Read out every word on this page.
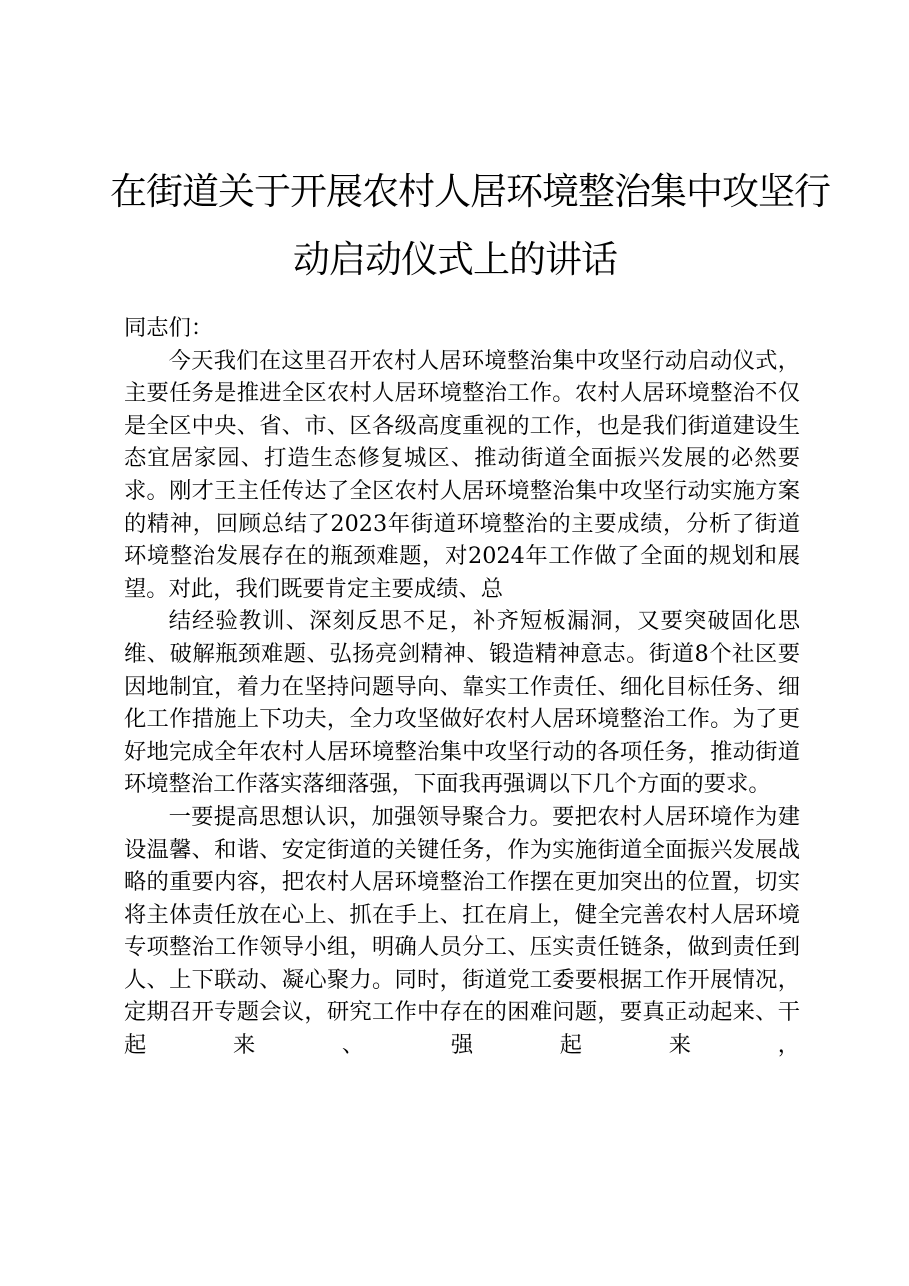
在街道关于开展农村人居环境整治集中攻坚行
动启动仪式上的讲话

同志们：

今天我们在这里召开农村人居环境整治集中攻坚行动启动仪式，主要任务是推进全区农村人居环境整治工作。农村人居环境整治不仅是全区中央、省、市、区各级高度重视的工作，也是我们街道建设生态宜居家园、打造生态修复城区、推动街道全面振兴发展的必然要求。刚才王主任传达了全区农村人居环境整治集中攻坚行动实施方案的精神，回顾总结了2023年街道环境整治的主要成绩，分析了街道环境整治发展存在的瓶颈难题，对2024年工作做了全面的规划和展望。对此，我们既要肯定主要成绩、总

结经验教训、深刻反思不足，补齐短板漏洞，又要突破固化思维、破解瓶颈难题、弘扬亮剑精神、锻造精神意志。街道8个社区要因地制宜，着力在坚持问题导向、靠实工作责任、细化目标任务、细化工作措施上下功夫，全力攻坚做好农村人居环境整治工作。为了更好地完成全年农村人居环境整治集中攻坚行动的各项任务，推动街道环境整治工作落实落细落强，下面我再强调以下几个方面的要求。

一要提高思想认识，加强领导聚合力。要把农村人居环境作为建设温馨、和谐、安定街道的关键任务，作为实施街道全面振兴发展战略的重要内容，把农村人居环境整治工作摆在更加突出的位置，切实将主体责任放在心上、抓在手上、扛在肩上，健全完善农村人居环境专项整治工作领导小组，明确人员分工、压实责任链条，做到责任到人、上下联动、凝心聚力。同时，街道党工委要根据工作开展情况，定期召开专题会议，研究工作中存在的困难问题，要真正动起来、干起来、强起来，
